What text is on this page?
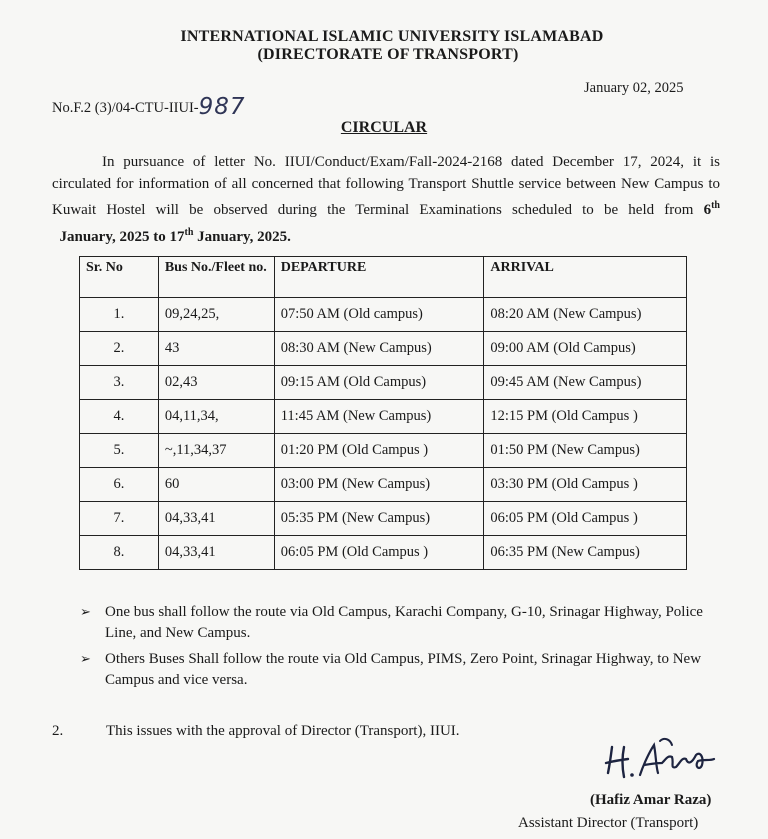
INTERNATIONAL ISLAMIC UNIVERSITY ISLAMABAD
(DIRECTORATE OF TRANSPORT)
No.F.2 (3)/04-CTU-IIUI-987
January 02, 2025
CIRCULAR
In pursuance of letter No. IIUI/Conduct/Exam/Fall-2024-2168 dated December 17, 2024, it is circulated for information of all concerned that following Transport Shuttle service between New Campus to Kuwait Hostel will be observed during the Terminal Examinations scheduled to be held from 6th  January, 2025 to 17th January, 2025.
Sr. No	Bus No./Fleet no.	DEPARTURE	ARRIVAL
1.	09,24,25,	07:50 AM (Old campus)	08:20 AM (New Campus)
2.	43	08:30 AM (New Campus)	09:00 AM (Old Campus)
3.	02,43	09:15 AM (Old Campus)	09:45 AM (New Campus)
4.	04,11,34,	11:45 AM (New Campus)	12:15 PM (Old Campus )
5.	~,11,34,37	01:20 PM (Old Campus )	01:50 PM (New Campus)
6.	60	03:00 PM (New Campus)	03:30 PM (Old Campus )
7.	04,33,41	05:35 PM (New Campus)	06:05 PM (Old Campus )
8.	04,33,41	06:05 PM (Old Campus )	06:35 PM (New Campus)
➢ One bus shall follow the route via Old Campus, Karachi Company, G-10, Srinagar Highway, Police Line, and New Campus.
➢ Others Buses Shall follow the route via Old Campus, PIMS, Zero Point, Srinagar Highway, to New Campus and vice versa.
2.	This issues with the approval of Director (Transport), IIUI.
(Hafiz Amar Raza)
Assistant Director (Transport)
